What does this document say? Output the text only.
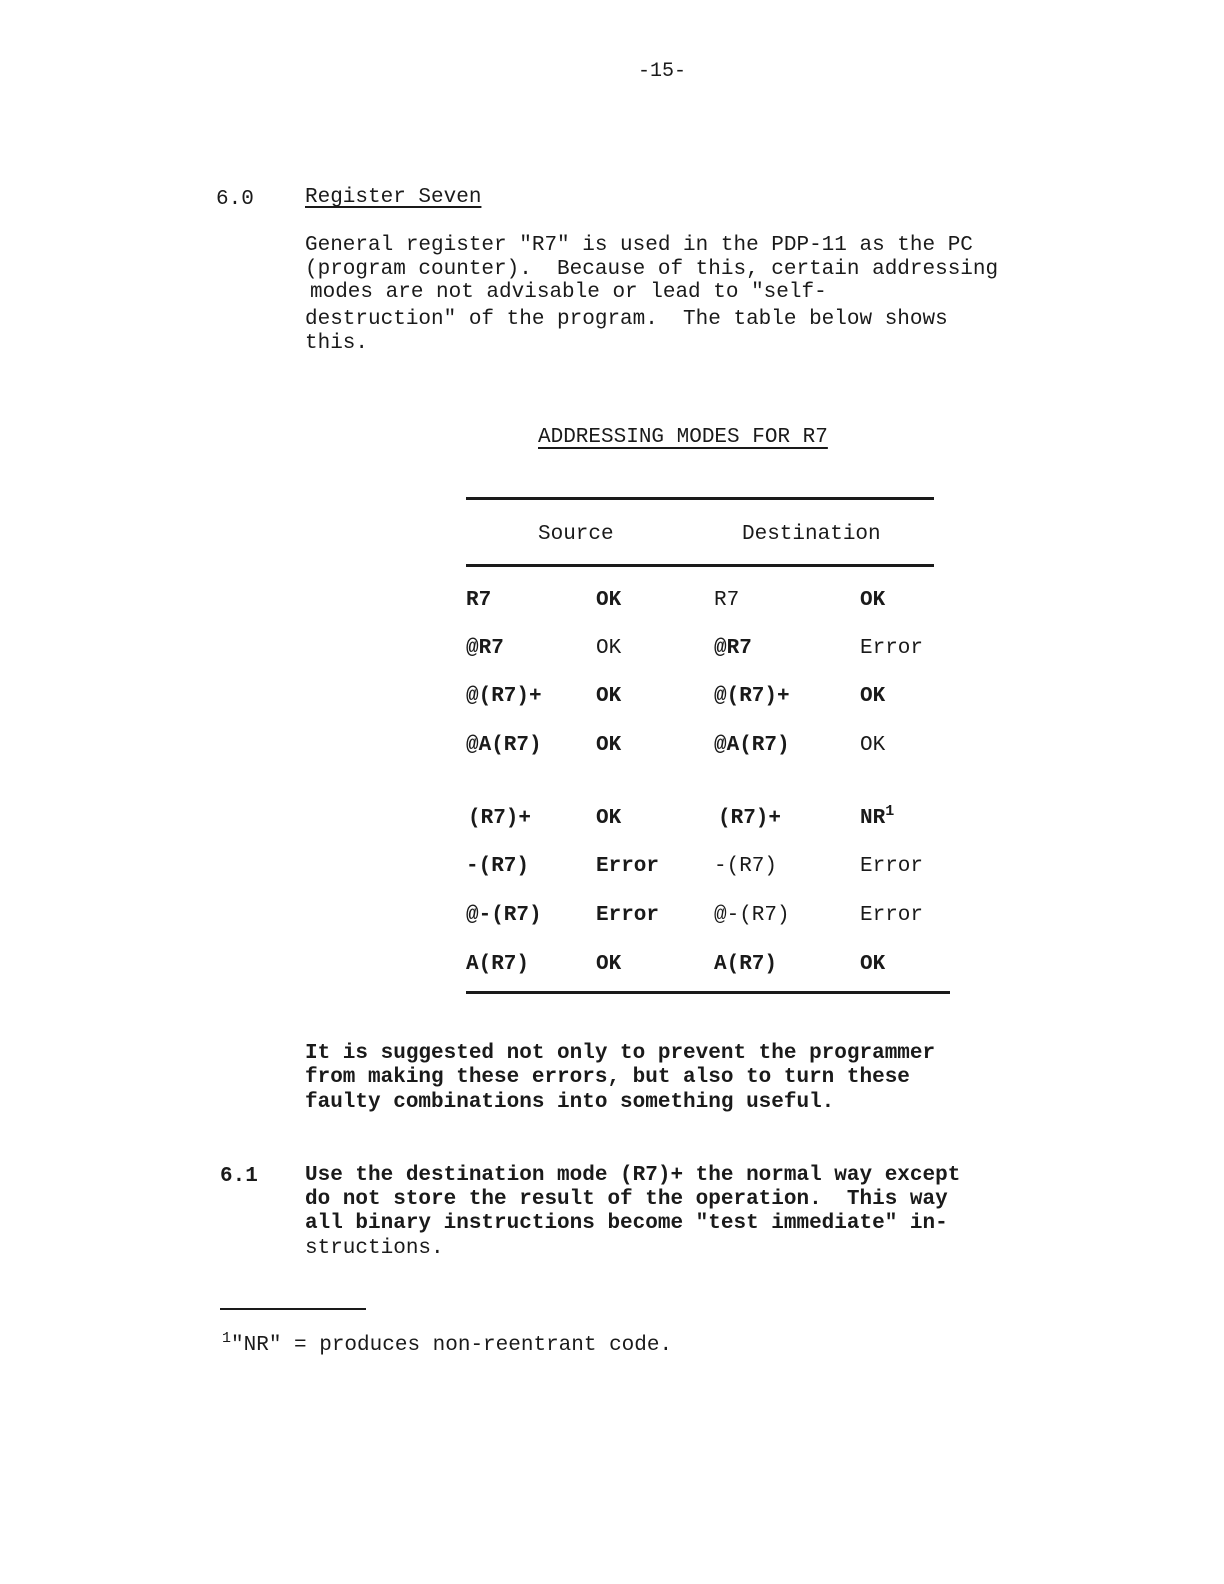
-15-
6.0 Register Seven
General register "R7" is used in the PDP-11 as the PC
(program counter).  Because of this, certain addressing
modes are not advisable or lead to "self-
destruction" of the program.  The table below shows
this.
ADDRESSING MODES FOR R7
Source	Destination
R7	OK	R7	OK
@R7	OK	@R7	Error
@(R7)+	OK	@(R7)+	OK
@A(R7)	OK	@A(R7)	OK
(R7)+	OK	(R7)+	$NR^1$
-(R7)	Error	-(R7)	Error
@-(R7)	Error	@-(R7)	Error
A(R7)	OK	A(R7)	OK
It is suggested not only to prevent the programmer
from making these errors, but also to turn these
faulty combinations into something useful.
6.1 Use the destination mode (R7)+ the normal way except
do not store the result of the operation.  This way
all binary instructions become "test immediate" in-
structions.
$^1$"NR" = produces non-reentrant code.
